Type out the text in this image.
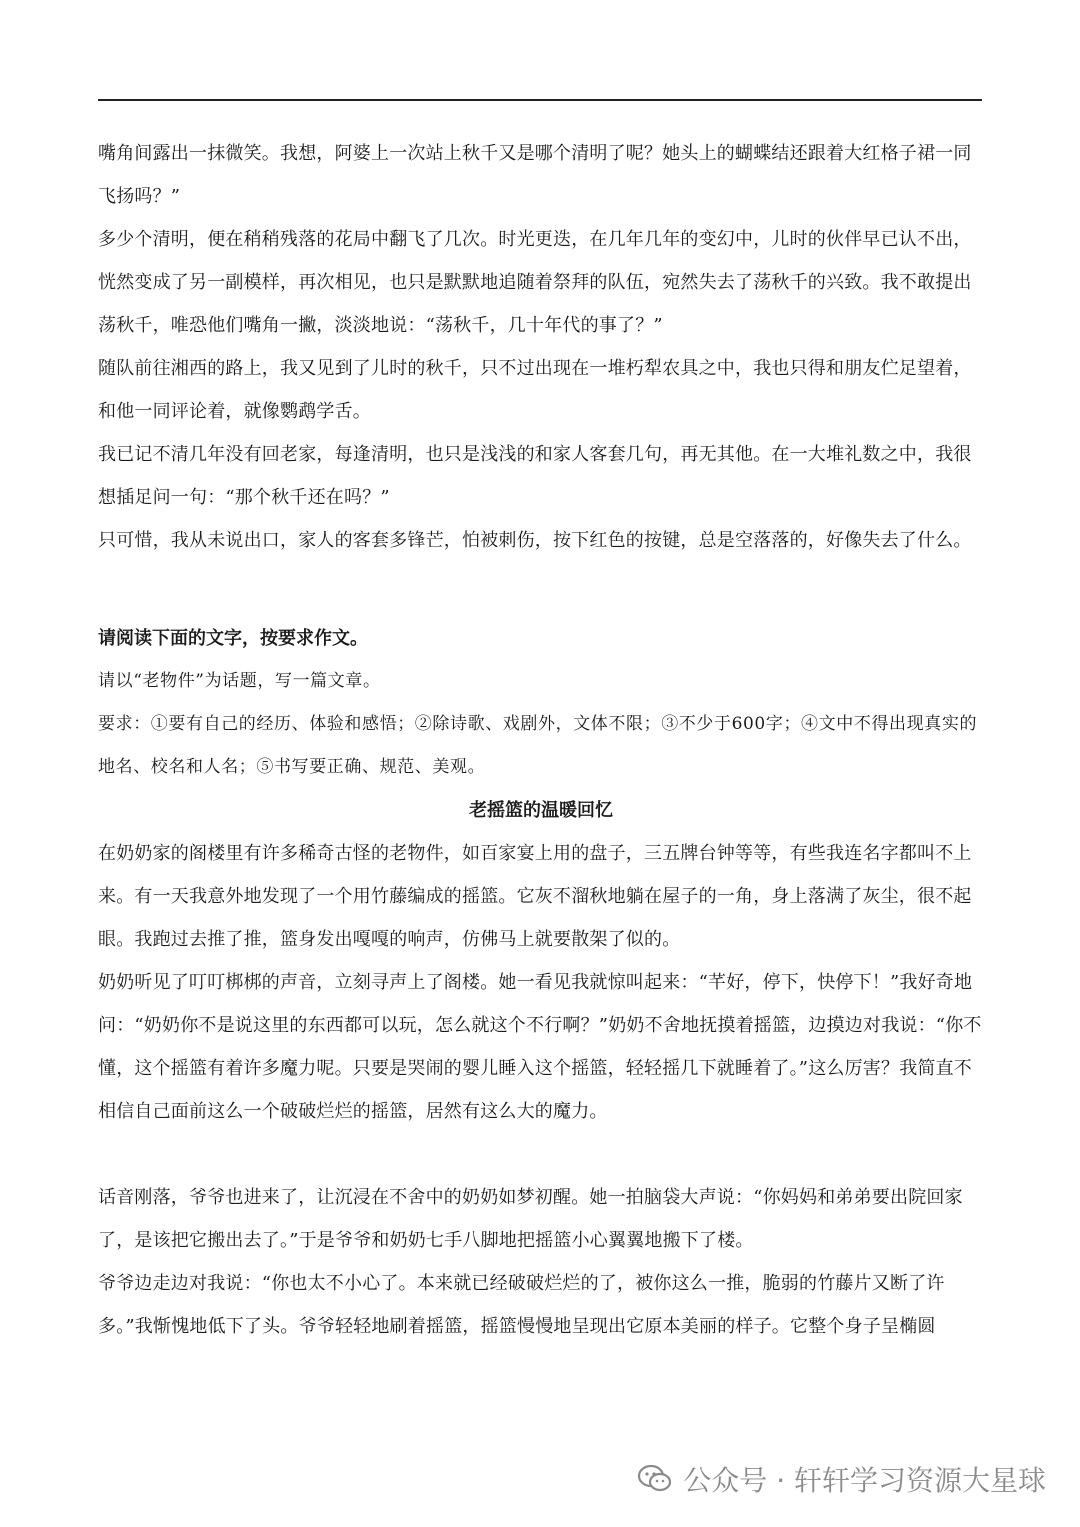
嘴角间露出一抹微笑。我想，阿婆上一次站上秋千又是哪个清明了呢？她头上的蝴蝶结还跟着大红格子裙一同飞扬吗？”

多少个清明，便在稍稍残落的花局中翻飞了几次。时光更迭，在几年几年的变幻中，儿时的伙伴早已认不出，恍然变成了另一副模样，再次相见，也只是默默地追随着祭拜的队伍，宛然失去了荡秋千的兴致。我不敢提出荡秋千，唯恐他们嘴角一撇，淡淡地说：“荡秋千，几十年代的事了？”

随队前往湘西的路上，我又见到了儿时的秋千，只不过出现在一堆朽犁农具之中，我也只得和朋友伫足望着，和他一同评论着，就像鹦鹉学舌。

我已记不清几年没有回老家，每逢清明，也只是浅浅的和家人客套几句，再无其他。在一大堆礼数之中，我很想插足问一句：“那个秋千还在吗？”

只可惜，我从未说出口，家人的客套多锋芒，怕被刺伤，按下红色的按键，总是空落落的，好像失去了什么。

请阅读下面的文字，按要求作文。

请以“老物件”为话题，写一篇文章。

要求：①要有自己的经历、体验和感悟；②除诗歌、戏剧外，文体不限；③不少于600字；④文中不得出现真实的地名、校名和人名；⑤书写要正确、规范、美观。

老摇篮的温暖回忆

在奶奶家的阁楼里有许多稀奇古怪的老物件，如百家宴上用的盘子，三五牌台钟等等，有些我连名字都叫不上来。有一天我意外地发现了一个用竹藤编成的摇篮。它灰不溜秋地躺在屋子的一角，身上落满了灰尘，很不起眼。我跑过去推了推，篮身发出嘎嘎的响声，仿佛马上就要散架了似的。

奶奶听见了叮叮梆梆的声音，立刻寻声上了阁楼。她一看见我就惊叫起来：“芊好，停下，快停下！”我好奇地问：“奶奶你不是说这里的东西都可以玩，怎么就这个不行啊？”奶奶不舍地抚摸着摇篮，边摸边对我说：“你不懂，这个摇篮有着许多魔力呢。只要是哭闹的婴儿睡入这个摇篮，轻轻摇几下就睡着了。”这么厉害？我简直不相信自己面前这么一个破破烂烂的摇篮，居然有这么大的魔力。

话音刚落，爷爷也进来了，让沉浸在不舍中的奶奶如梦初醒。她一拍脑袋大声说：“你妈妈和弟弟要出院回家了，是该把它搬出去了。”于是爷爷和奶奶七手八脚地把摇篮小心翼翼地搬下了楼。

爷爷边走边对我说：“你也太不小心了。本来就已经破破烂烂的了，被你这么一推，脆弱的竹藤片又断了许多。”我惭愧地低下了头。爷爷轻轻地刷着摇篮，摇篮慢慢地呈现出它原本美丽的样子。它整个身子呈椭圆

公众号 · 轩轩学习资源大星球
